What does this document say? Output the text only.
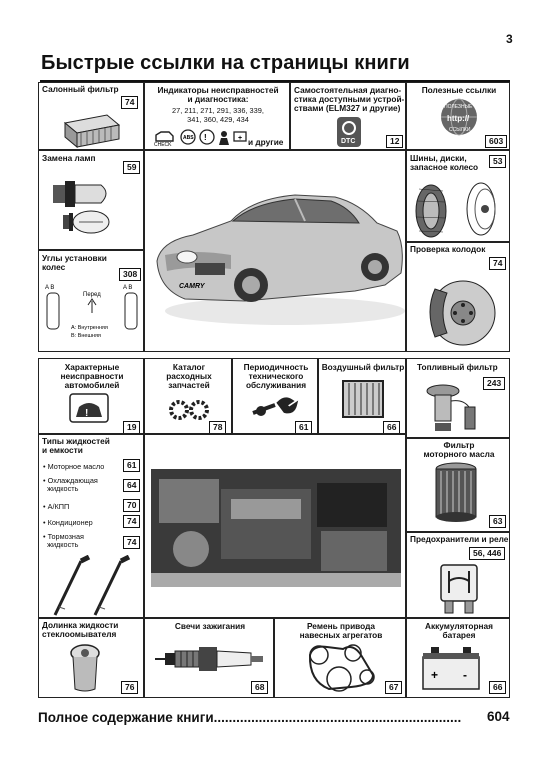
3
Быстрые ссылки на страницы книги
Салонный фильтр
74
Индикаторы неисправностей
и диагностика:
27, 211, 271, 291, 336, 339,
341, 360, 429, 434
CHECK
ABS !	+ и другие
Самостоятельная диагно-
стика доступными устрой-
ствами (ELM327 и другие)
DTC	12
Полезные ссылки
ПОЛЕЗНЫЕ
http://
ССЫЛКИ
603
Замена ламп
59
CAMRY
Шины, диски,
запасное колесо
53
Углы установки
колес
308
A B	A B
Перед
А: Внутренняя
B: Внешняя
Проверка колодок
74
Характерные
неисправности
автомобилей
!
19
Каталог
расходных
запчастей
78
Периодичность
технического
обслуживания
61
Воздушный фильтр
66
Топливный фильтр
243
Типы жидкостей
и емкости
• Моторное масло	61
• Охлаждающая
жидкость	64
• А/КПП	70
• Кондиционер	74
• Тормозная
жидкость	74
Фильтр
моторного масла
63
Предохранители и реле
56, 446
Долинка жидкости
стеклоомывателя
76
Свечи зажигания
68
Ремень привода
навесных агрегатов
67
Аккумуляторная
батарея
+ -
66
Полное содержание книги..................................................................	604
